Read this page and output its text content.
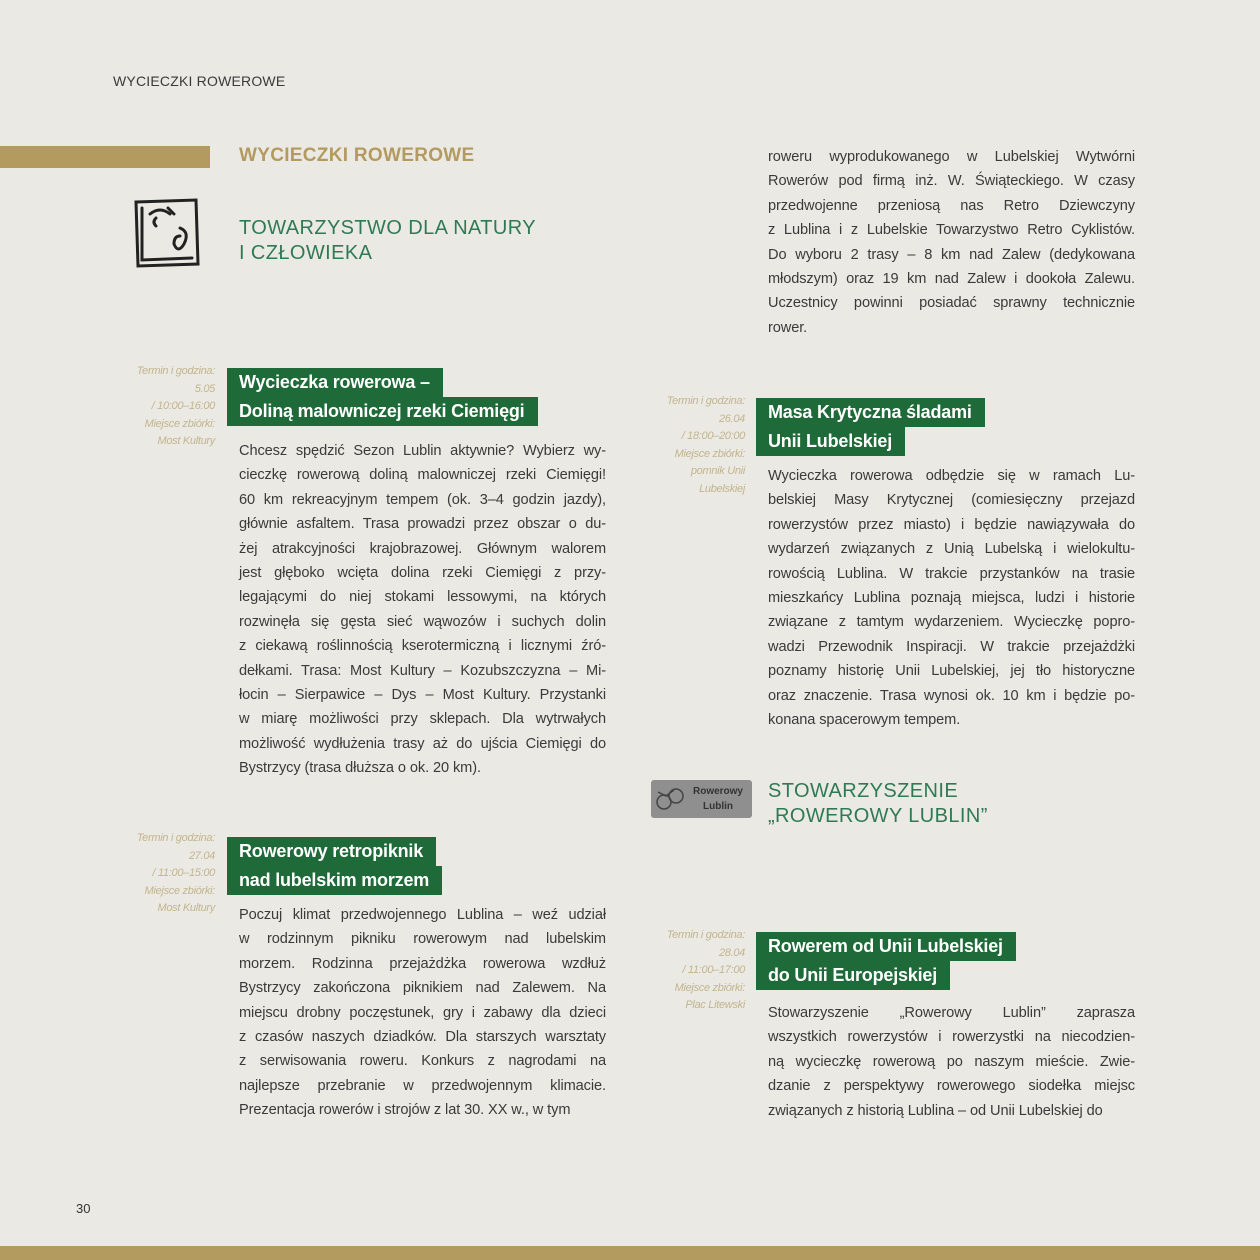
WYCIECZKI ROWEROWE
WYCIECZKI ROWEROWE
TOWARZYSTWO DLA NATURY
I CZŁOWIEKA
Rowerowy
Lublin
STOWARZYSZENIE
„ROWEROWY LUBLIN”
roweru wyprodukowanego w Lubelskiej Wytwórni
Rowerów pod firmą inż. W. Świąteckiego. W czasy
przedwojenne przeniosą nas Retro Dziewczyny
z Lublina i z Lubelskie Towarzystwo Retro Cyklistów.
Do wyboru 2 trasy – 8 km nad Zalew (dedykowana
młodszym) oraz 19 km nad Zalew i dookoła Zalewu.
Uczestnicy powinni posiadać sprawny technicznie
rower.
Termin i godzina:
5.05
/ 10:00–16:00
Miejsce zbiórki:
Most Kultury
Wycieczka rowerowa –
Doliną malowniczej rzeki Ciemięgi
Chcesz spędzić Sezon Lublin aktywnie? Wybierz wy-
cieczkę rowerową doliną malowniczej rzeki Ciemięgi!
60 km rekreacyjnym tempem (ok. 3–4 godzin jazdy),
głównie asfaltem. Trasa prowadzi przez obszar o du-
żej atrakcyjności krajobrazowej. Głównym walorem
jest głęboko wcięta dolina rzeki Ciemięgi z przy-
legającymi do niej stokami lessowymi, na których
rozwinęła się gęsta sieć wąwozów i suchych dolin
z ciekawą roślinnością kserotermiczną i licznymi źró-
dełkami. Trasa: Most Kultury – Kozubszczyzna – Mi-
łocin – Sierpawice – Dys – Most Kultury. Przystanki
w miarę możliwości przy sklepach. Dla wytrwałych
możliwość wydłużenia trasy aż do ujścia Ciemięgi do
Bystrzycy (trasa dłuższa o ok. 20 km).
Termin i godzina:
27.04
/ 11:00–15:00
Miejsce zbiórki:
Most Kultury
Rowerowy retropiknik
nad lubelskim morzem
Poczuj klimat przedwojennego Lublina – weź udział
w rodzinnym pikniku rowerowym nad lubelskim
morzem. Rodzinna przejażdżka rowerowa wzdłuż
Bystrzycy zakończona piknikiem nad Zalewem. Na
miejscu drobny poczęstunek, gry i zabawy dla dzieci
z czasów naszych dziadków. Dla starszych warsztaty
z serwisowania roweru. Konkurs z nagrodami na
najlepsze przebranie w przedwojennym klimacie.
Prezentacja rowerów i strojów z lat 30. XX w., w tym
Termin i godzina:
26.04
/ 18:00–20:00
Miejsce zbiórki:
pomnik Unii
Lubelskiej
Masa Krytyczna śladami
Unii Lubelskiej
Wycieczka rowerowa odbędzie się w ramach Lu-
belskiej Masy Krytycznej (comiesięczny przejazd
rowerzystów przez miasto) i będzie nawiązywała do
wydarzeń związanych z Unią Lubelską i wielokultu-
rowością Lublina. W trakcie przystanków na trasie
mieszkańcy Lublina poznają miejsca, ludzi i historie
związane z tamtym wydarzeniem. Wycieczkę popro-
wadzi Przewodnik Inspiracji. W trakcie przejażdżki
poznamy historię Unii Lubelskiej, jej tło historyczne
oraz znaczenie. Trasa wynosi ok. 10 km i będzie po-
konana spacerowym tempem.
Termin i godzina:
28.04
/ 11:00–17:00
Miejsce zbiórki:
Plac Litewski
Rowerem od Unii Lubelskiej
do Unii Europejskiej
Stowarzyszenie „Rowerowy Lublin” zaprasza
wszystkich rowerzystów i rowerzystki na niecodzien-
ną wycieczkę rowerową po naszym mieście. Zwie-
dzanie z perspektywy rowerowego siodełka miejsc
związanych z historią Lublina – od Unii Lubelskiej do
30
